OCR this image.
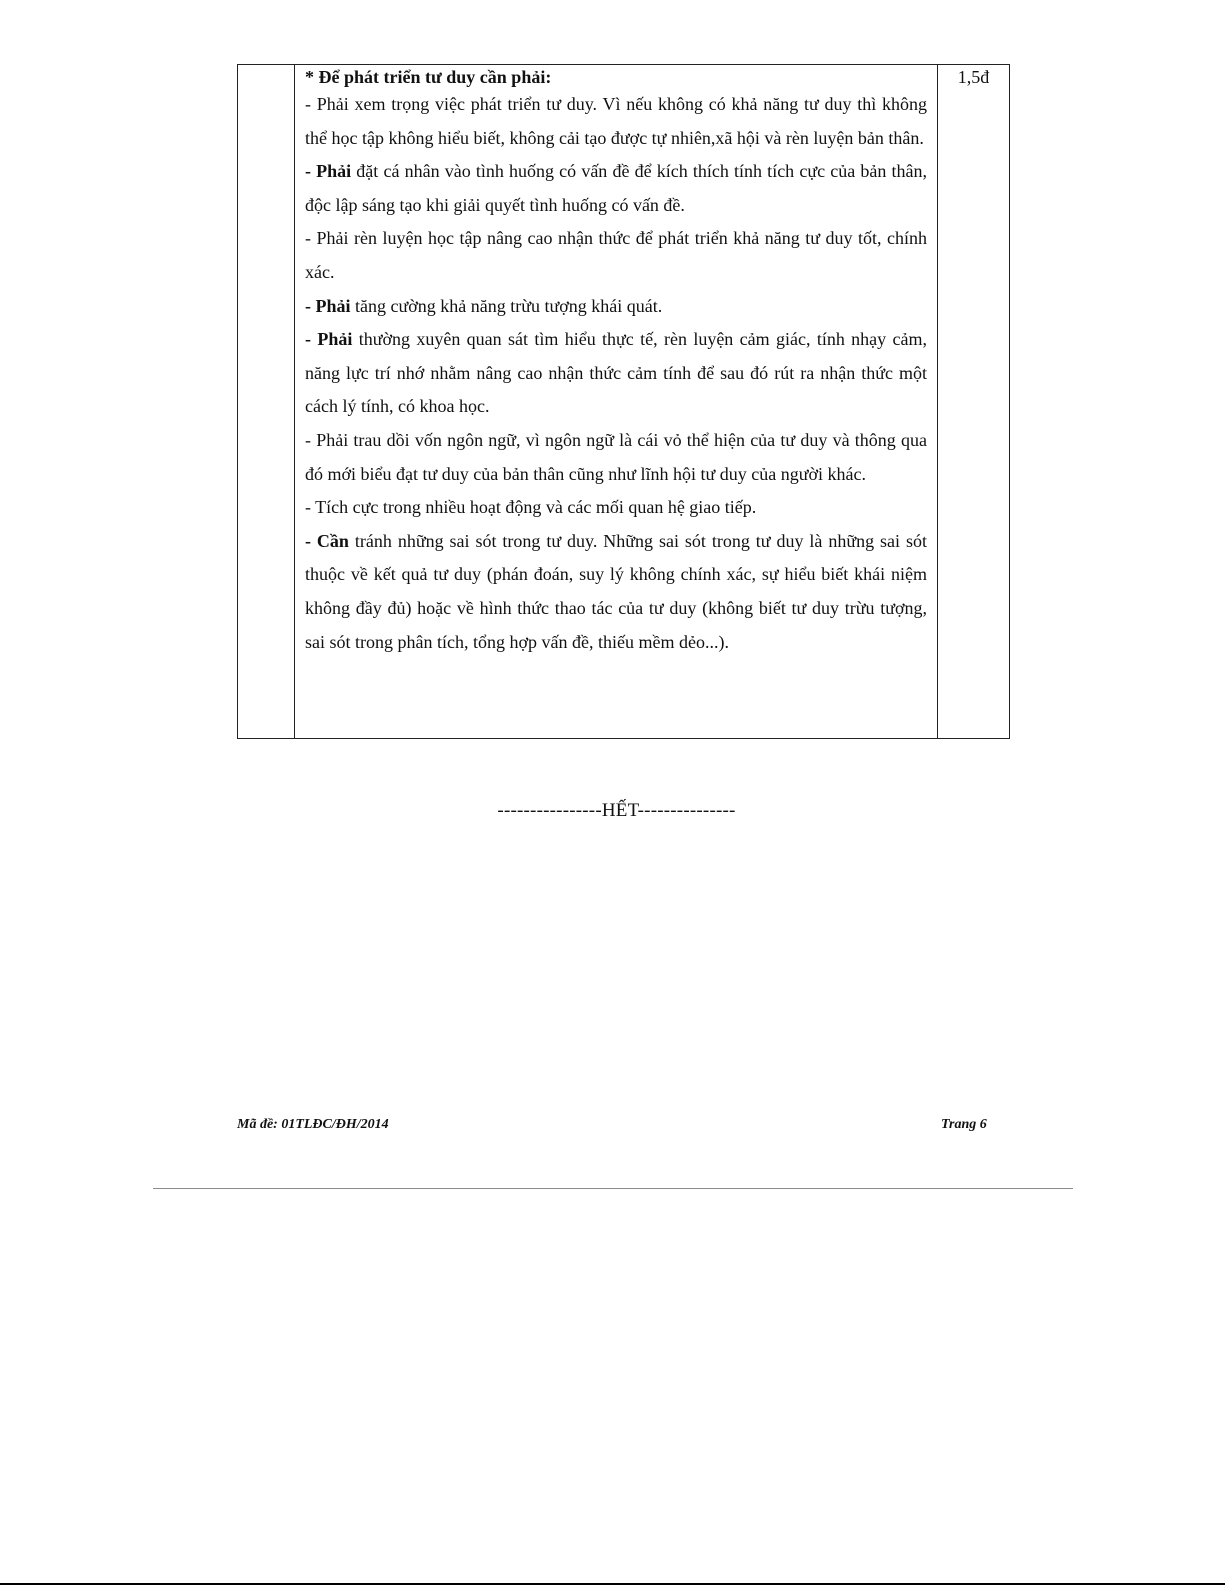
* Để phát triển tư duy cần phải:

- Phải xem trọng việc phát triển tư duy. Vì nếu không có khả năng tư duy thì không thể học tập không hiểu biết, không cải tạo được tự nhiên,xã hội và rèn luyện bản thân.

- Phải đặt cá nhân vào tình huống có vấn đề để kích thích tính tích cực của bản thân, độc lập sáng tạo khi giải quyết tình huống có vấn đề.

- Phải rèn luyện học tập nâng cao nhận thức để phát triển khả năng tư duy tốt, chính xác.

- Phải tăng cường khả năng trừu tượng khái quát.

- Phải thường xuyên quan sát tìm hiểu thực tế, rèn luyện cảm giác, tính nhạy cảm, năng lực trí nhớ nhằm nâng cao nhận thức cảm tính để sau đó rút ra nhận thức một cách lý tính, có khoa học.

- Phải trau dồi vốn ngôn ngữ, vì ngôn ngữ là cái vỏ thể hiện của tư duy và thông qua đó mới biểu đạt tư duy của bản thân cũng như lĩnh hội tư duy của người khác.

- Tích cực trong nhiều hoạt động và các mối quan hệ giao tiếp.

- Cần tránh những sai sót trong tư duy. Những sai sót trong tư duy là những sai sót thuộc về kết quả tư duy (phán đoán, suy lý không chính xác, sự hiểu biết khái niệm không đầy đủ) hoặc về hình thức thao tác của tư duy (không biết tư duy trừu tượng, sai sót trong phân tích, tổng hợp vấn đề, thiếu mềm dẻo...).

	1,5đ
----------------HẾT---------------
Mã đề: 01TLĐC/ĐH/2014	Trang 6
